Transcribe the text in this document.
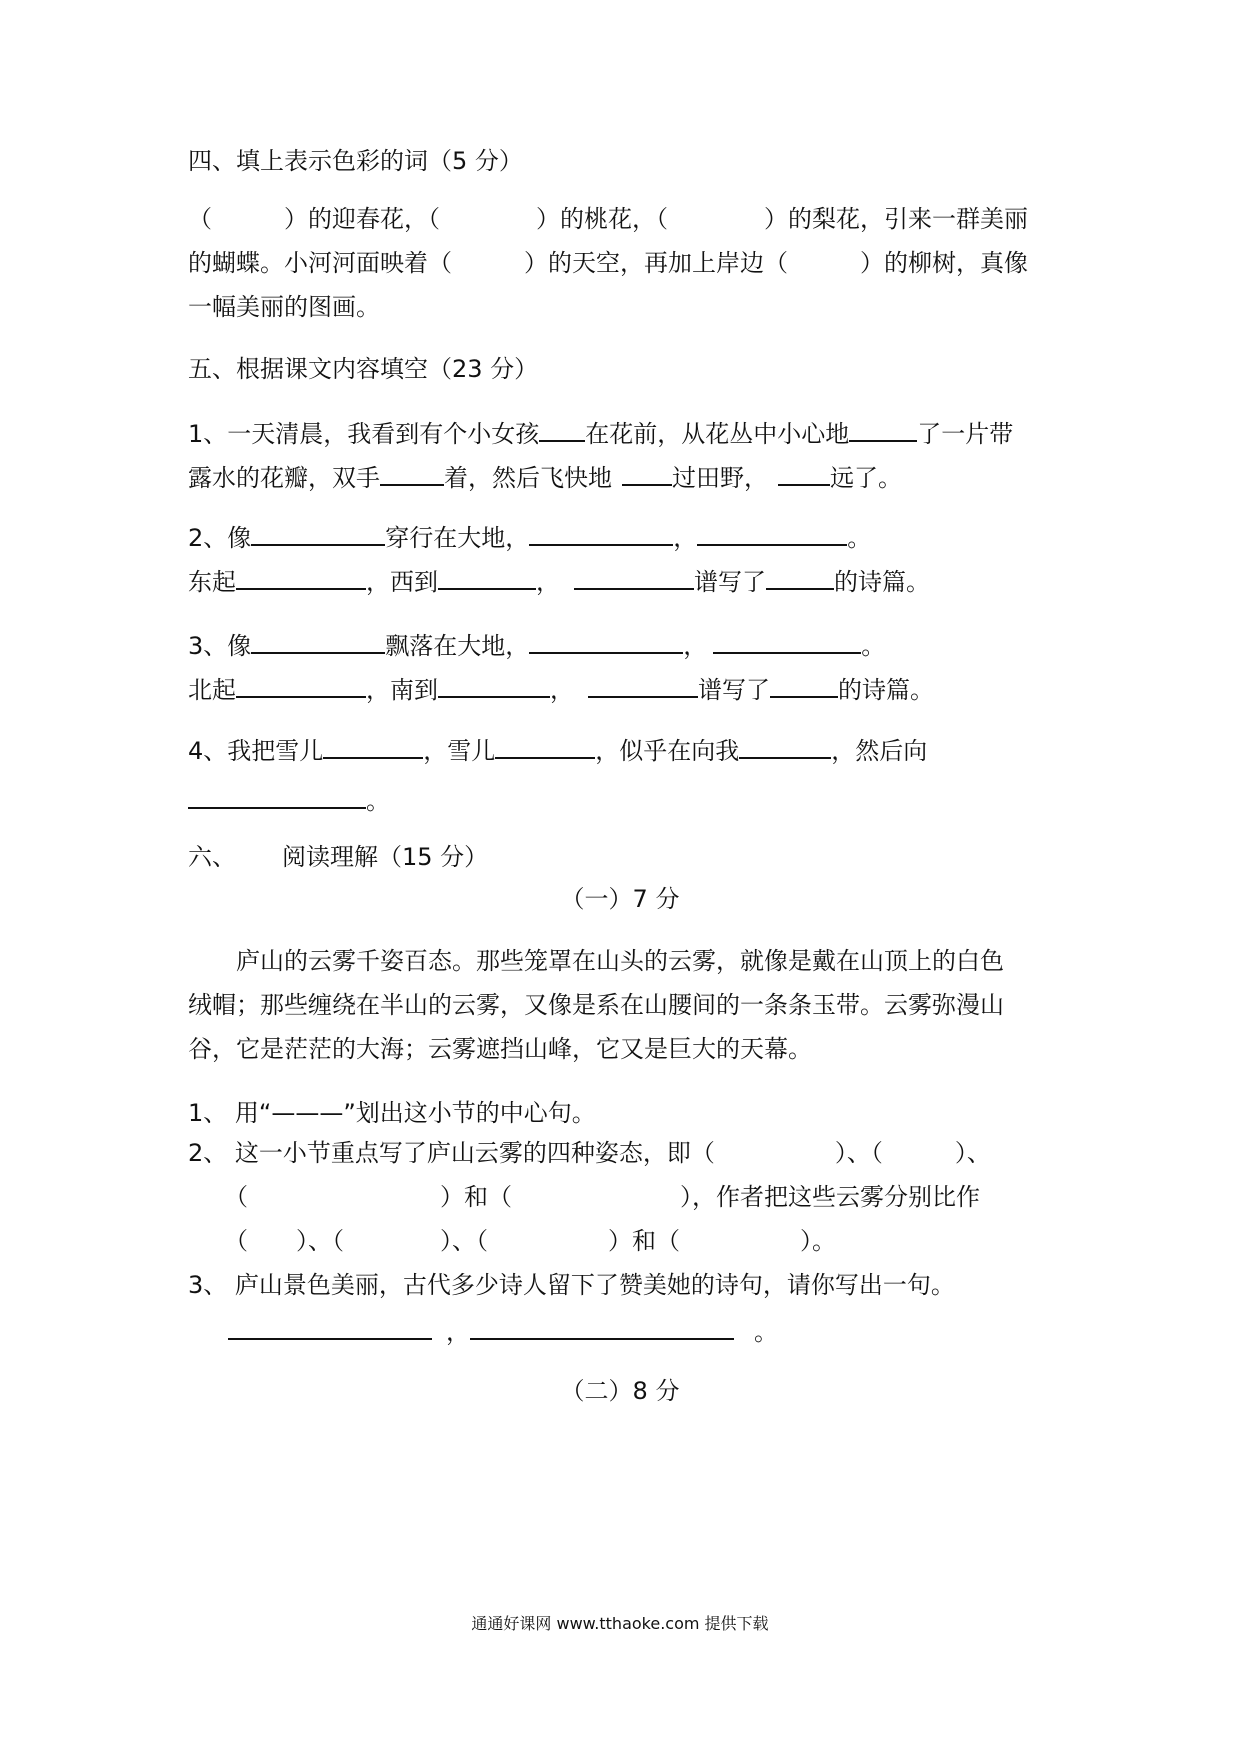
四、填上表示色彩的词（5 分）
（　　　）的迎春花，（　　　　）的桃花，（　　　　）的梨花，引来一群美丽
的蝴蝶。小河河面映着（　　　）的天空，再加上岸边（　　　）的柳树，真像
一幅美丽的图画。
五、根据课文内容填空（23 分）
1、一天清晨，我看到有个小女孩 在花前，从花丛中小心地	了一片带
露水的花瓣，双手	着，然后飞快地	过田野，	远了。
2、像	穿行在大地，	，	。
东起	，西到	，	谱写了	的诗篇。
3、像	飘落在大地，	，	。
北起	，南到	，	谱写了	的诗篇。
4、我把雪儿	，雪儿	，似乎在向我	，然后向
。
六、 阅读理解（15 分）
（一）7 分
　　庐山的云雾千姿百态。那些笼罩在山头的云雾，就像是戴在山顶上的白色
绒帽；那些缠绕在半山的云雾，又像是系在山腰间的一条条玉带。云雾弥漫山
谷，它是茫茫的大海；云雾遮挡山峰，它又是巨大的天幕。
1、 用“———”划出这小节的中心句。
2、 这一小节重点写了庐山云雾的四种姿态，即（　　　　　）、（　　　）、
　　（　　　　　　　　）和（　　　　　　　），作者把这些云雾分别比作
　　（　　）、（　　　　）、（　　　　　）和（　　　　　）。
3、 庐山景色美丽，古代多少诗人留下了赞美她的诗句，请你写出一句。
，	。
（二）8 分
通通好课网 www.tthaoke.com 提供下载
